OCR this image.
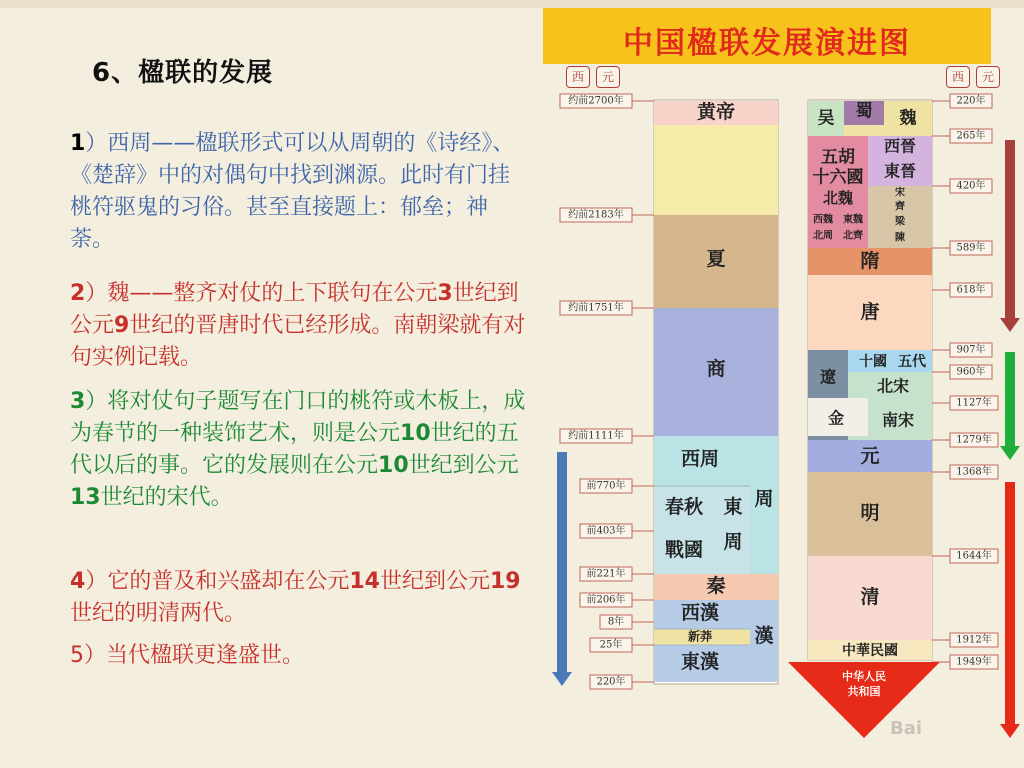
6、楹联的发展
1）西周——楹联形式可以从周朝的《诗经》、《楚辞》中的对偶句中找到渊源。此时有门挂桃符驱鬼的习俗。甚至直接题上：郁垒；神荼。
2）魏——整齐对仗的上下联句在公元3世纪到公元9世纪的晋唐时代已经形成。南朝梁就有对句实例记载。
3）将对仗句子题写在门口的桃符或木板上，成为春节的一种装饰艺术，则是公元10世纪的五代以后的事。它的发展则在公元10世纪到公元13世纪的宋代。
4）它的普及和兴盛却在公元14世纪到公元19世纪的明清两代。
5）当代楹联更逢盛世。
中国楹联发展演进图
西	元	西	元
黄帝
夏
商
西周
春秋
戰國
東
周
周
秦
西漢
新莽 漢
東漢
约前2700年
约前2183年
约前1751年
约前1111年
前770年
前403年
前221年
前206年
8年
25年
220年
吴 蜀 魏
五胡
十六國
西晉
東晉
北魏	宋
齊
梁
陳
西魏 東魏
北周 北齊
隋
唐
十國 五代
遼	北宋
金 南宋
元
明
清
中華民國
220年
265年
420年
589年
618年
907年
960年
1127年
1279年
1368年
1644年
1912年
1949年
中华人民
共和国
Bai
